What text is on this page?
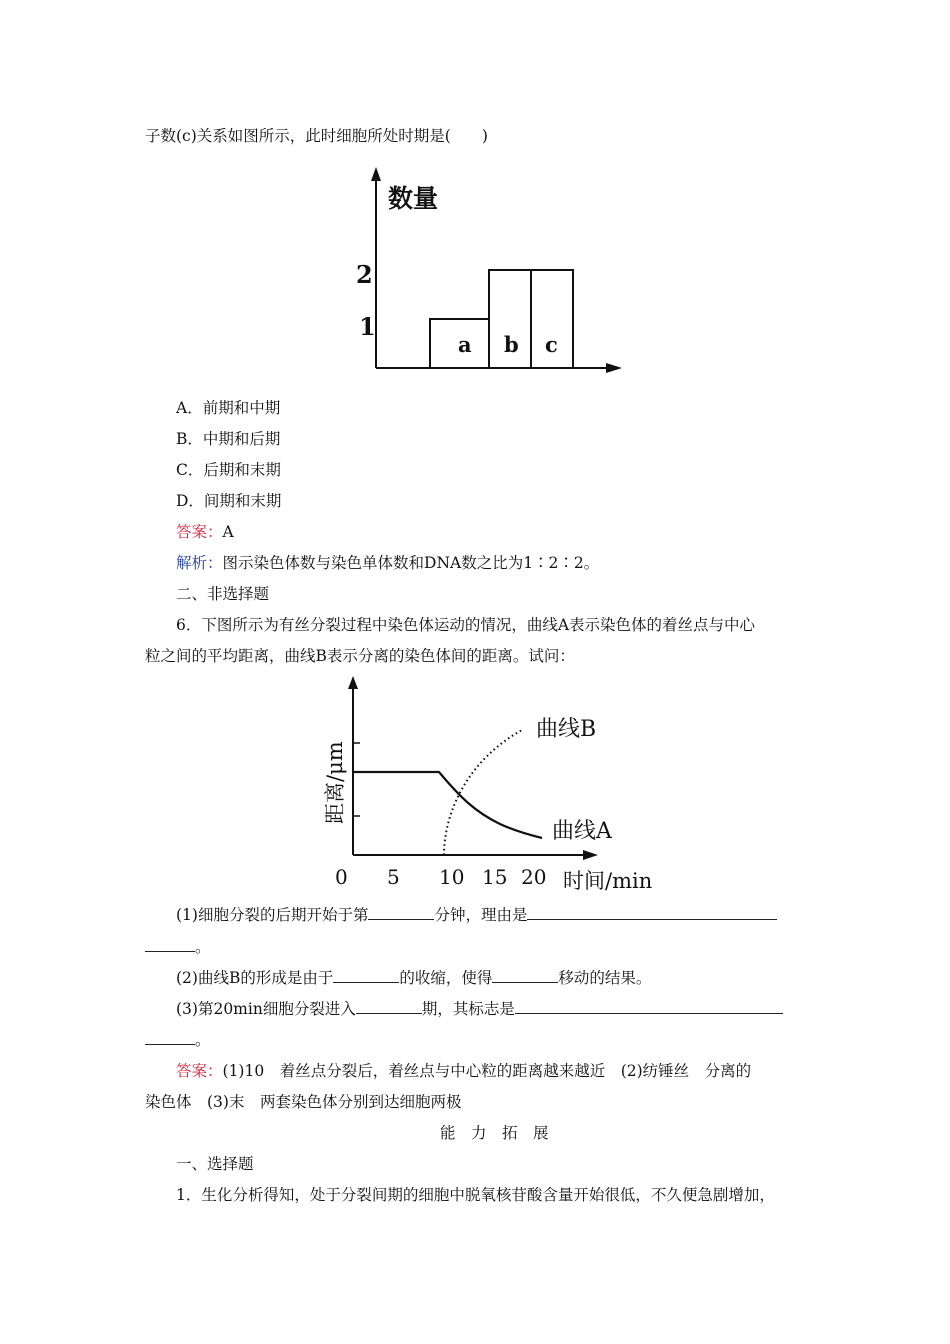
子数(c)关系如图所示，此时细胞所处时期是(　　)
数量
2
1
a b c
A．前期和中期
B．中期和后期
C．后期和末期
D．间期和末期
答案：A
解析：图示染色体数与染色单体数和DNA数之比为1∶2∶2。
二、非选择题
6．下图所示为有丝分裂过程中染色体运动的情况，曲线A表示染色体的着丝点与中心
粒之间的平均距离，曲线B表示分离的染色体间的距离。试问：
曲线B
曲线A
距离/μm
0 5 10 15 20 时间/min
(1)细胞分裂的后期开始于第	分钟，理由是
。
(2)曲线B的形成是由于	的收缩，使得	移动的结果。
(3)第20min细胞分裂进入	期，其标志是
。
答案：(1)10　着丝点分裂后，着丝点与中心粒的距离越来越近　(2)纺锤丝　分离的
染色体　(3)末　两套染色体分别到达细胞两极
能　力　拓　展
一、选择题
1．生化分析得知，处于分裂间期的细胞中脱氧核苷酸含量开始很低，不久便急剧增加，
